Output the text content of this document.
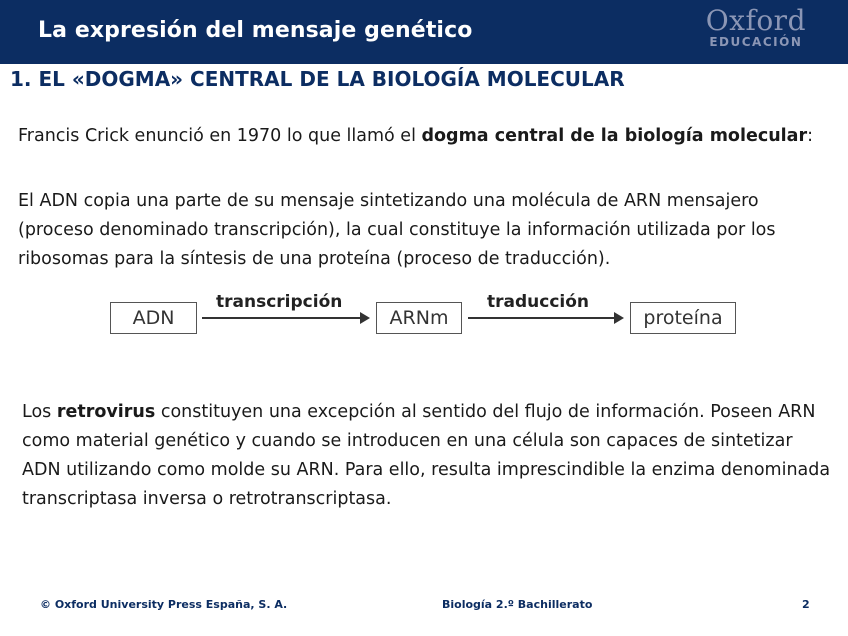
La expresión del mensaje genético	Oxford
EDUCACIÓN
1. EL «DOGMA» CENTRAL DE LA BIOLOGÍA MOLECULAR

Francis Crick enunció en 1970 lo que llamó el dogma central de la biología molecular:

El ADN copia una parte de su mensaje sintetizando una molécula de ARN mensajero (proceso denominado transcripción), la cual constituye la información utilizada por los ribosomas para la síntesis de una proteína (proceso de traducción).

ADN
transcripción
ARNm
traducción
proteína

Los retrovirus constituyen una excepción al sentido del flujo de información. Poseen ARN como material genético y cuando se introducen en una célula son capaces de sintetizar ADN utilizando como molde su ARN. Para ello, resulta imprescindible la enzima denominada transcriptasa inversa o retrotranscriptasa.

© Oxford University Press España, S. A.	Biología 2.º Bachillerato	2
